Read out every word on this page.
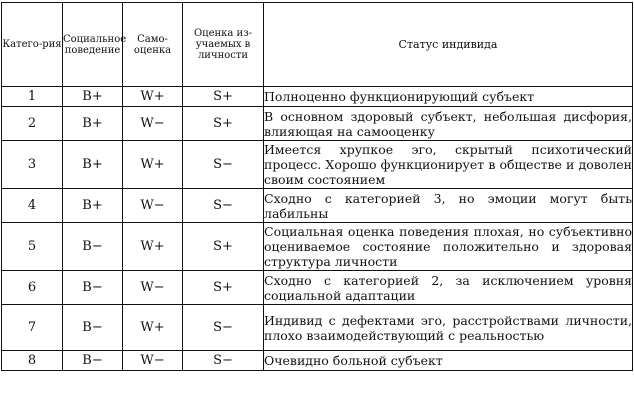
Катего-рия	Социальное поведение	Само-оценка	Оценка из-учаемых в личности	Статус индивида
1	B+	W+	S+	Полноценно функционирующий субъект
2	B+	W−	S+	В основном здоровый субъект, небольшая дисфория, влияющая на самооценку
3	B+	W+	S−	Имеется хрупкое эго, скрытый психотический процесс. Хорошо функционирует в обществе и доволен своим состоянием
4	B+	W−	S−	Сходно с категорией 3, но эмоции могут быть лабильны
5	B−	W+	S+	Социальная оценка поведения плохая, но субъективно оцениваемое состояние положительно и здоровая структура личности
6	B−	W−	S+	Сходно с категорией 2, за исключением уровня социальной адаптации
7	B−	W+	S−	Индивид с дефектами эго, расстройствами личности, плохо взаимодействующий с реальностью
8	B−	W−	S−	Очевидно больной субъект
